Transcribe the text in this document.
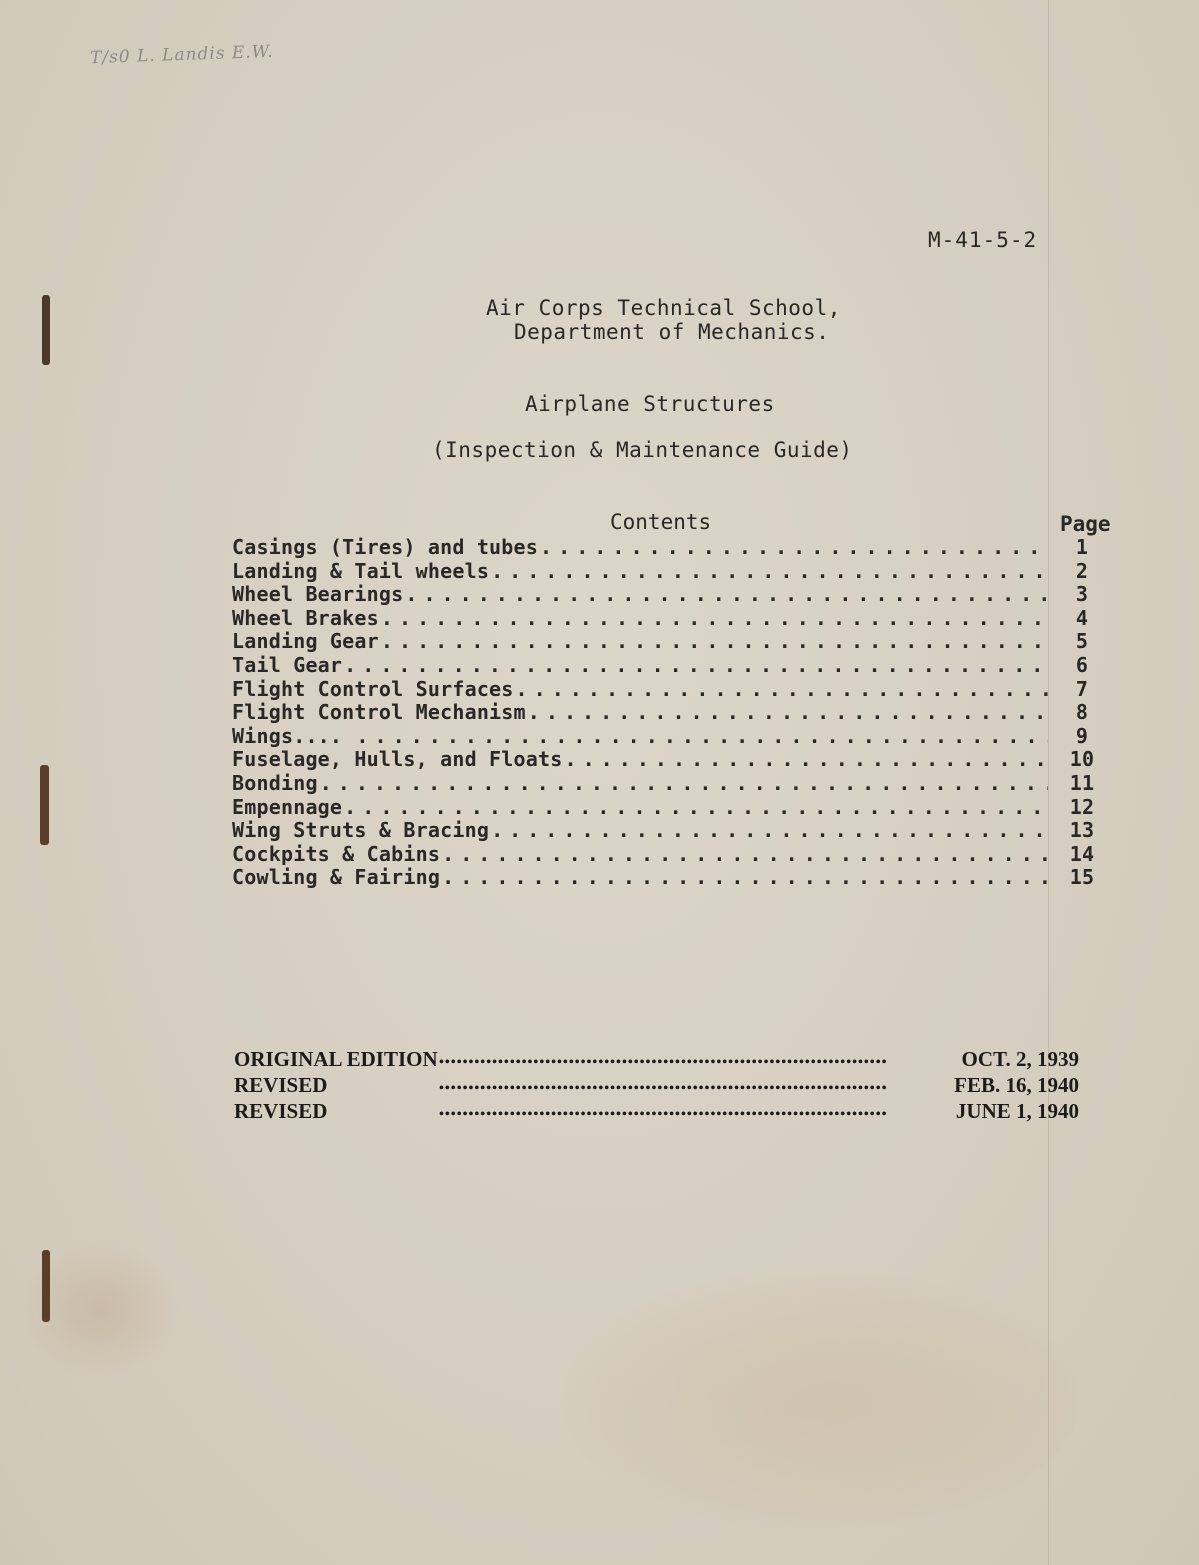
T/s0 L. Landis E.W.
M-41-5-2
Air Corps Technical School,
Department of Mechanics.
Airplane Structures
(Inspection & Maintenance Guide)
Contents	Page
Casings (Tires) and tubes . . .	1
Landing & Tail wheels . . .	2
Wheel Bearings . . .	3
Wheel Brakes . . .	4
Landing Gear . . .	5
Tail Gear . . .	6
Flight Control Surfaces . . .	7
Flight Control Mechanism . . .	8
Wings.... . . .	9
Fuselage, Hulls, and Floats . . .	10
Bonding . . .	11
Empennage . . .	12
Wing Struts & Bracing . . .	13
Cockpits & Cabins . . .	14
Cowling & Fairing . . .	15
ORIGINAL EDITION •••••	OCT. 2, 1939
REVISED •••••	FEB. 16, 1940
REVISED •••••	JUNE 1, 1940
